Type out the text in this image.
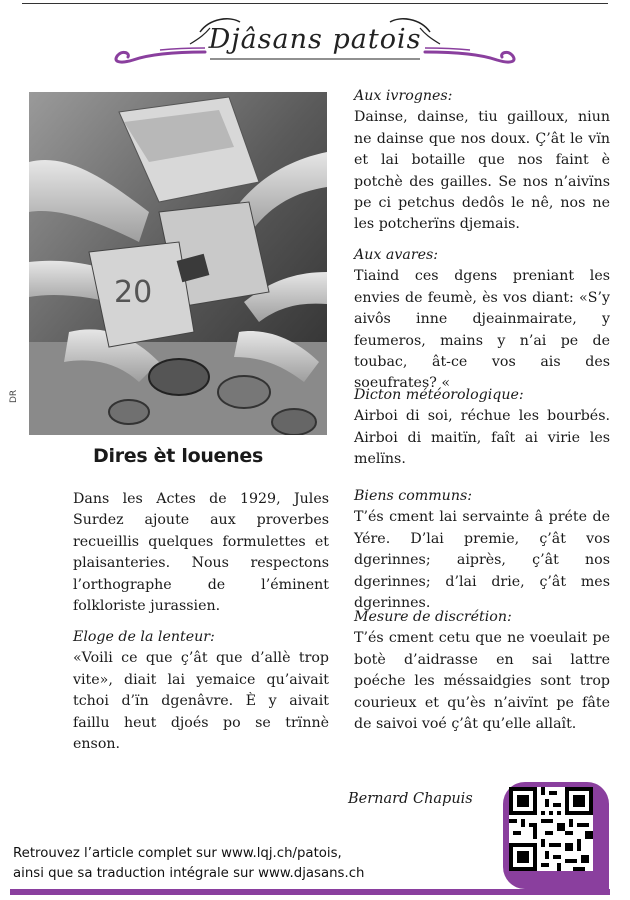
Djâsans patois
20
DR
Dires èt louenes

Dans les Actes de 1929, Jules Surdez ajoute aux proverbes recueillis quelques formulettes et plaisanteries. Nous respectons l’orthographe de l’éminent folkloriste jurassien.

Eloge de la lenteur:

«Voili ce que ç’ât que d’allè trop vite», diait lai yemaice qu’aivait tchoi d’ïn dgenâvre. È y aivait faillu heut djoés po se trïnnè enson.

Aux ivrognes:

Dainse, dainse, tiu gailloux, niun ne dainse que nos doux. Ç’ât le vïn et lai botaille que nos faint è potchè des gailles. Se nos n’aivïns pe ci petchus dedôs le nê, nos ne les potcherïns djemais.

Aux avares:

Tiaind ces dgens preniant les envies de feumè, ès vos diant: «S’y aivôs inne djeainmairate, y feumeros, mains y n’ai pe de toubac, ât-ce vos ais des soeufrates? «

Dicton météorologique:

Airboi di soi, réchue les bourbés. Airboi di maitïn, faît ai virie les melïns.

Biens communs:

T’és cment lai servainte â préte de Yére. D’lai premie, ç’ât vos dgerinnes; aiprès, ç’ât nos dgerinnes; d’lai drie, ç’ât mes dgerinnes.

Mesure de discrétion:

T’és cment cetu que ne voeulait pe botè d’aidrasse en sai lattre poéche les méssaidgies sont trop courieux et qu’ès n’aivïnt pe fâte de saivoi voé ç’ât qu’elle allaît.

Bernard Chapuis
Retrouvez l’article complet sur www.lqj.ch/patois,
ainsi que sa traduction intégrale sur www.djasans.ch
